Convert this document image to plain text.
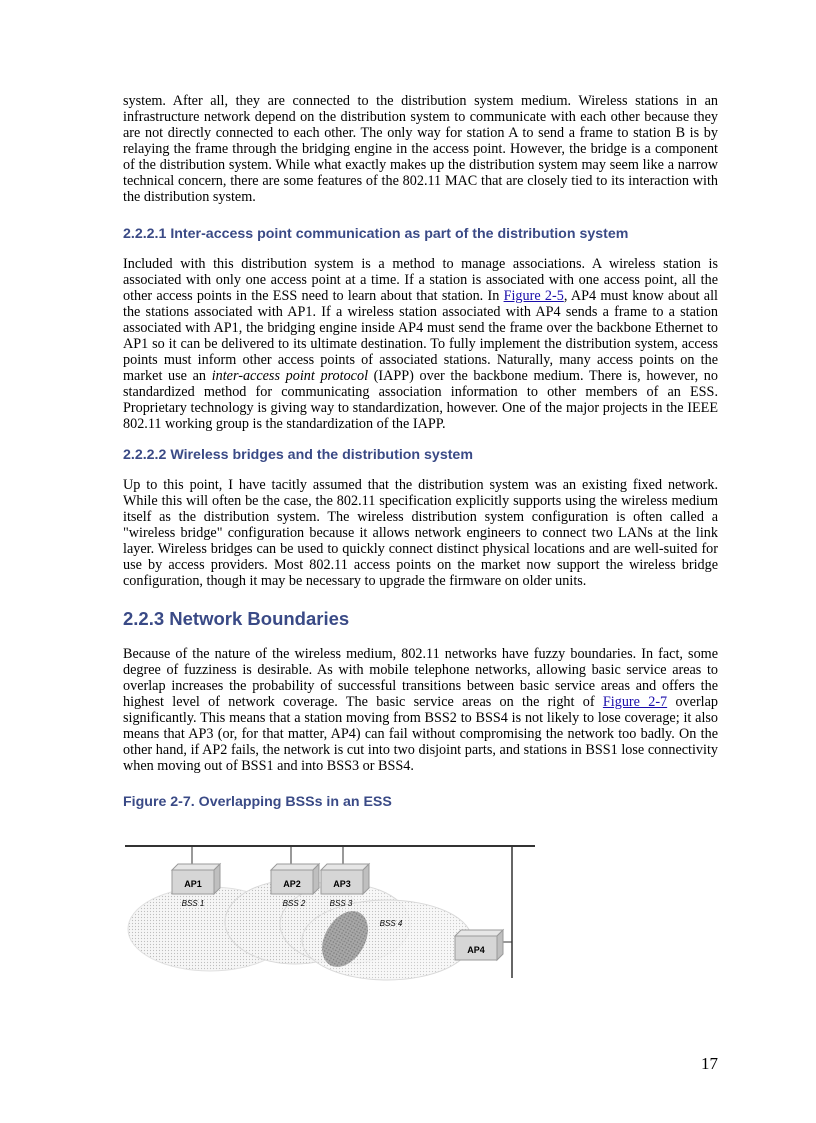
system. After all, they are connected to the distribution system medium. Wireless stations in an infrastructure network depend on the distribution system to communicate with each other because they are not directly connected to each other. The only way for station A to send a frame to station B is by relaying the frame through the bridging engine in the access point. However, the bridge is a component of the distribution system. While what exactly makes up the distribution system may seem like a narrow technical concern, there are some features of the 802.11 MAC that are closely tied to its interaction with the distribution system.

2.2.2.1 Inter-access point communication as part of the distribution system

Included with this distribution system is a method to manage associations. A wireless station is associated with only one access point at a time. If a station is associated with one access point, all the other access points in the ESS need to learn about that station. In Figure 2-5, AP4 must know about all the stations associated with AP1. If a wireless station associated with AP4 sends a frame to a station associated with AP1, the bridging engine inside AP4 must send the frame over the backbone Ethernet to AP1 so it can be delivered to its ultimate destination. To fully implement the distribution system, access points must inform other access points of associated stations. Naturally, many access points on the market use an inter-access point protocol (IAPP) over the backbone medium. There is, however, no standardized method for communicating association information to other members of an ESS. Proprietary technology is giving way to standardization, however. One of the major projects in the IEEE 802.11 working group is the standardization of the IAPP.

2.2.2.2 Wireless bridges and the distribution system

Up to this point, I have tacitly assumed that the distribution system was an existing fixed network. While this will often be the case, the 802.11 specification explicitly supports using the wireless medium itself as the distribution system. The wireless distribution system configuration is often called a "wireless bridge" configuration because it allows network engineers to connect two LANs at the link layer. Wireless bridges can be used to quickly connect distinct physical locations and are well-suited for use by access providers. Most 802.11 access points on the market now support the wireless bridge configuration, though it may be necessary to upgrade the firmware on older units.

2.2.3 Network Boundaries

Because of the nature of the wireless medium, 802.11 networks have fuzzy boundaries. In fact, some degree of fuzziness is desirable. As with mobile telephone networks, allowing basic service areas to overlap increases the probability of successful transitions between basic service areas and offers the highest level of network coverage. The basic service areas on the right of Figure 2-7 overlap significantly. This means that a station moving from BSS2 to BSS4 is not likely to lose coverage; it also means that AP3 (or, for that matter, AP4) can fail without compromising the network too badly. On the other hand, if AP2 fails, the network is cut into two disjoint parts, and stations in BSS1 lose connectivity when moving out of BSS1 and into BSS3 or BSS4.

Figure 2-7. Overlapping BSSs in an ESS
AP1	AP2	AP3
AP4
BSS 1	BSS 2	BSS 3
BSS 4
17
